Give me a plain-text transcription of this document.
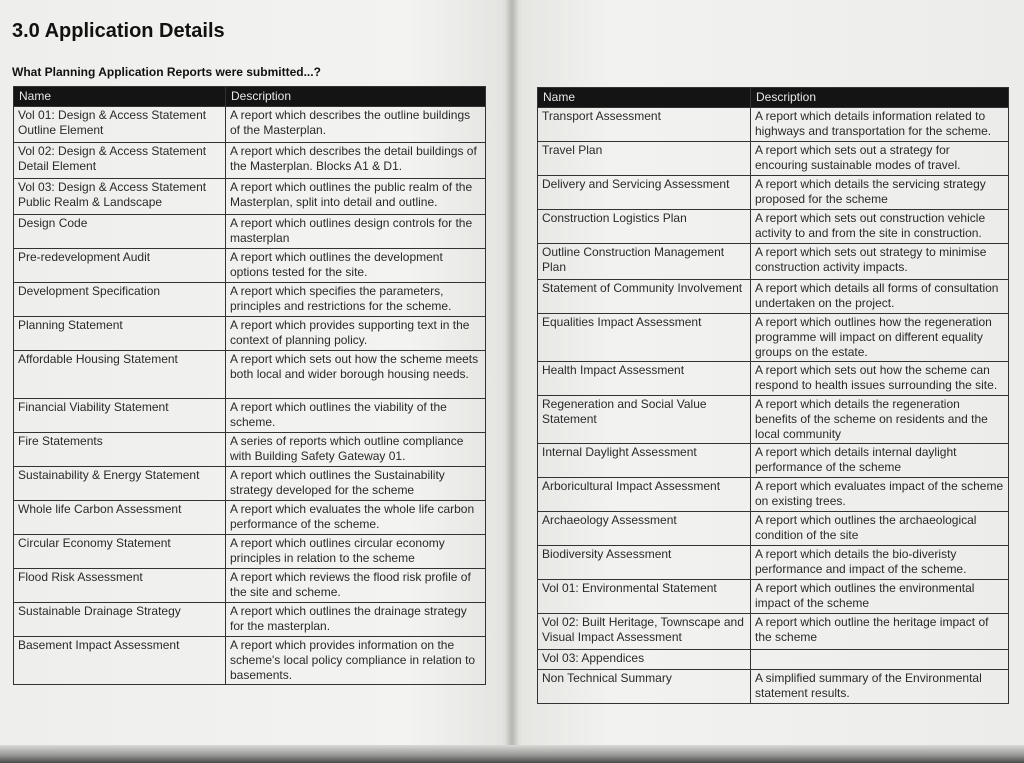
3.0 Application Details
What Planning Application Reports were submitted...?
Name	Description
Vol 01: Design & Access Statement Outline Element	A report which describes the outline buildings of the Masterplan.
Vol 02: Design & Access Statement Detail Element	A report which describes the detail buildings of the Masterplan. Blocks A1 & D1.
Vol 03: Design & Access Statement Public Realm & Landscape	A report which outlines the public realm of the Masterplan, split into detail and outline.
Design Code	A report which outlines design controls for the masterplan
Pre-redevelopment Audit	A report which outlines the development options tested for the site.
Development Specification	A report which specifies the parameters, principles and restrictions for the scheme.
Planning Statement	A report which provides supporting text in the context of planning policy.
Affordable Housing Statement	A report which sets out how the scheme meets both local and wider borough housing needs.
Financial Viability Statement	A report which outlines the viability of the scheme.
Fire Statements	A series of reports which outline compliance with Building Safety Gateway 01.
Sustainability & Energy Statement	A report which outlines the Sustainability strategy developed for the scheme
Whole life Carbon Assessment	A report which evaluates the whole life carbon performance of the scheme.
Circular Economy Statement	A report which outlines circular economy principles in relation to the scheme
Flood Risk Assessment	A report which reviews the flood risk profile of the site and scheme.
Sustainable Drainage Strategy	A report which outlines the drainage strategy for the masterplan.
Basement Impact Assessment	A report which provides information on the scheme's local policy compliance in relation to basements.
Name	Description
Transport Assessment	A report which details information related to highways and transportation for the scheme.
Travel Plan	A report which sets out a strategy for encouring sustainable modes of travel.
Delivery and Servicing Assessment	A report which details the servicing strategy proposed for the scheme
Construction Logistics Plan	A report which sets out construction vehicle activity to and from the site in construction.
Outline Construction Management Plan	A report which sets out strategy to minimise construction activity impacts.
Statement of Community Involvement	A report which details all forms of consultation undertaken on the project.
Equalities Impact Assessment	A report which outlines how the regeneration programme will impact on different equality groups on the estate.
Health Impact Assessment	A report which sets out how the scheme can respond to health issues surrounding the site.
Regeneration and Social Value Statement	A report which details the regeneration benefits of the scheme on residents and the local community
Internal Daylight Assessment	A report which details internal daylight performance of the scheme
Arboricultural Impact Assessment	A report which evaluates impact of the scheme on existing trees.
Archaeology Assessment	A report which outlines the archaeological condition of the site
Biodiversity Assessment	A report which details the bio-diveristy performance and impact of the scheme.
Vol 01: Environmental Statement	A report which outlines the environmental impact of the scheme
Vol 02: Built Heritage, Townscape and Visual Impact Assessment	A report which outline the heritage impact of the scheme
Vol 03: Appendices	
Non Technical Summary	A simplified summary of the Environmental statement results.
